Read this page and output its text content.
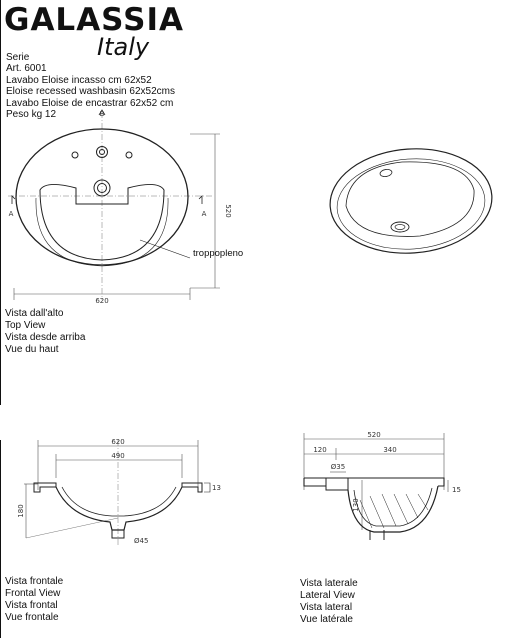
GALASSIA
Italy
Serie
Art. 6001
Lavabo Eloise incasso cm 62x52
Eloise recessed washbasin 62x52cms
Lavabo Eloise de encastrar 62x52 cm
Peso kg 12	B
A	A
620
520
troppopleno
620
490
180
13
Ø45
520
120	340
Ø35
130
15
Vista dall'alto
Top View
Vista desde arriba
Vue du haut
Vista frontale
Frontal View
Vista frontal
Vue frontale
Vista laterale
Lateral View
Vista lateral
Vue latérale
